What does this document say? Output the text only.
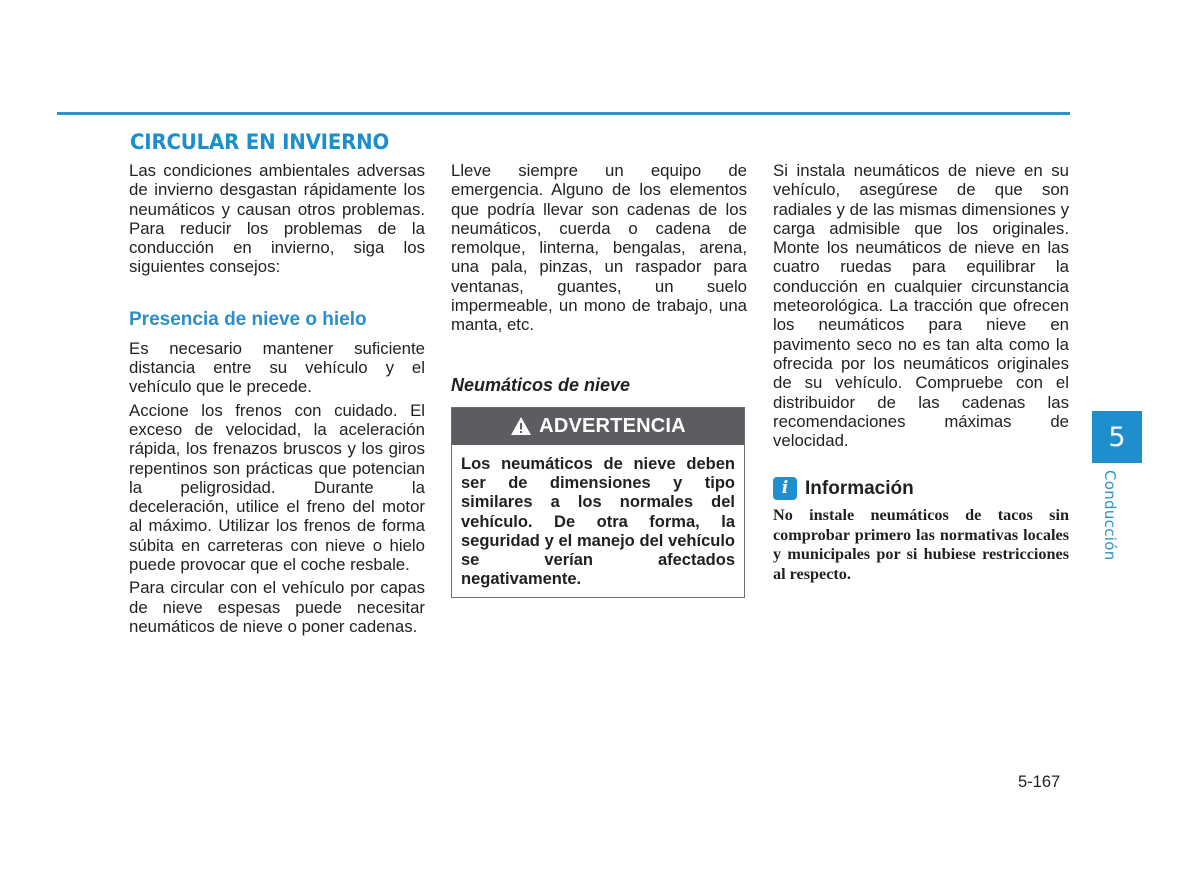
CIRCULAR EN INVIERNO

Las condiciones ambientales adversas de invierno desgastan rápidamente los neumáticos y causan otros problemas. Para reducir los problemas de la conducción en invierno, siga los siguientes consejos:

Presencia de nieve o hielo

Es necesario mantener suficiente distancia entre su vehículo y el vehículo que le precede.

Accione los frenos con cuidado. El exceso de velocidad, la aceleración rápida, los frenazos bruscos y los giros repentinos son prácticas que potencian la peligrosidad. Durante la deceleración, utilice el freno del motor al máximo. Utilizar los frenos de forma súbita en carreteras con nieve o hielo puede provocar que el coche resbale.

Para circular con el vehículo por capas de nieve espesas puede necesitar neumáticos de nieve o poner cadenas.

Lleve siempre un equipo de emergencia. Alguno de los elementos que podría llevar son cadenas de los neumáticos, cuerda o cadena de remolque, linterna, bengalas, arena, una pala, pinzas, un raspador para ventanas, guantes, un suelo impermeable, un mono de trabajo, una manta, etc.

Neumáticos de nieve
ADVERTENCIA

Los neumáticos de nieve deben ser de dimensiones y tipo similares a los normales del vehículo. De otra forma, la seguridad y el manejo del vehículo se verían afectados negativamente.

Si instala neumáticos de nieve en su vehículo, asegúrese de que son radiales y de las mismas dimensiones y carga admisible que los originales. Monte los neumáticos de nieve en las cuatro ruedas para equilibrar la conducción en cualquier circunstancia meteorológica. La tracción que ofrecen los neumáticos para nieve en pavimento seco no es tan alta como la ofrecida por los neumáticos originales de su vehículo. Compruebe con el distribuidor de las cadenas las recomendaciones máximas de velocidad.

i Información

No instale neumáticos de tacos sin comprobar primero las normativas locales y municipales por si hubiese restricciones al respecto.

5
Conducción
5-167
